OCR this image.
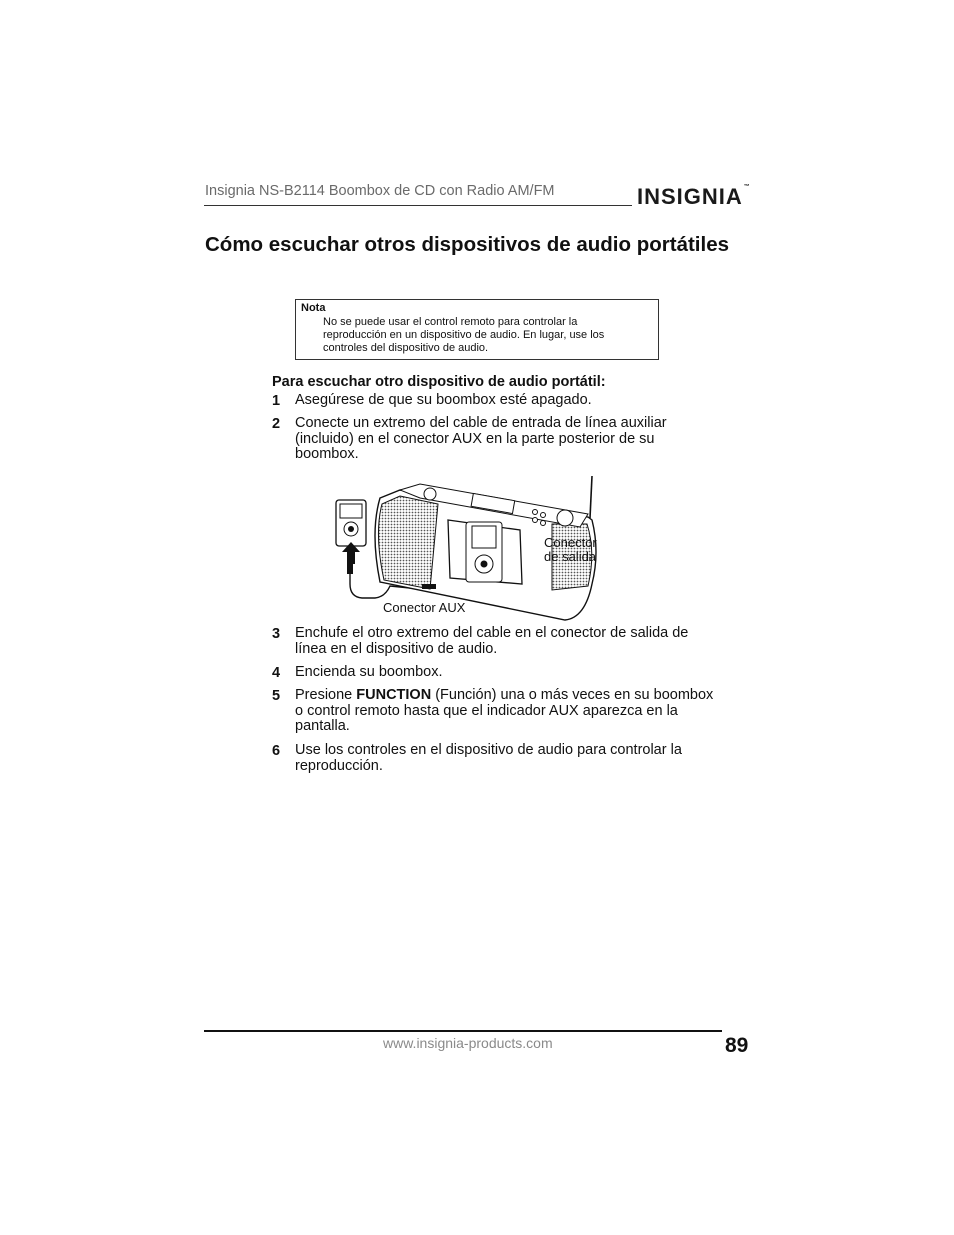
Insignia NS-B2114 Boombox de CD con Radio AM/FM	INSIGNIA™
Cómo escuchar otros dispositivos de audio portátiles
Nota
No se puede usar el control remoto para controlar la
reproducción en un dispositivo de audio. En lugar, use los
controles del dispositivo de audio.
Para escuchar otro dispositivo de audio portátil:
1 Asegúrese de que su boombox esté apagado.
2 Conecte un extremo del cable de entrada de línea auxiliar
(incluido) en el conector AUX en la parte posterior de su
boombox.
Conector
de salida
Conector AUX
3 Enchufe el otro extremo del cable en el conector de salida de
línea en el dispositivo de audio.
4 Encienda su boombox.
5 Presione FUNCTION (Función) una o más veces en su boombox
o control remoto hasta que el indicador AUX aparezca en la
pantalla.
6 Use los controles en el dispositivo de audio para controlar la
reproducción.
www.insignia-products.com	89
